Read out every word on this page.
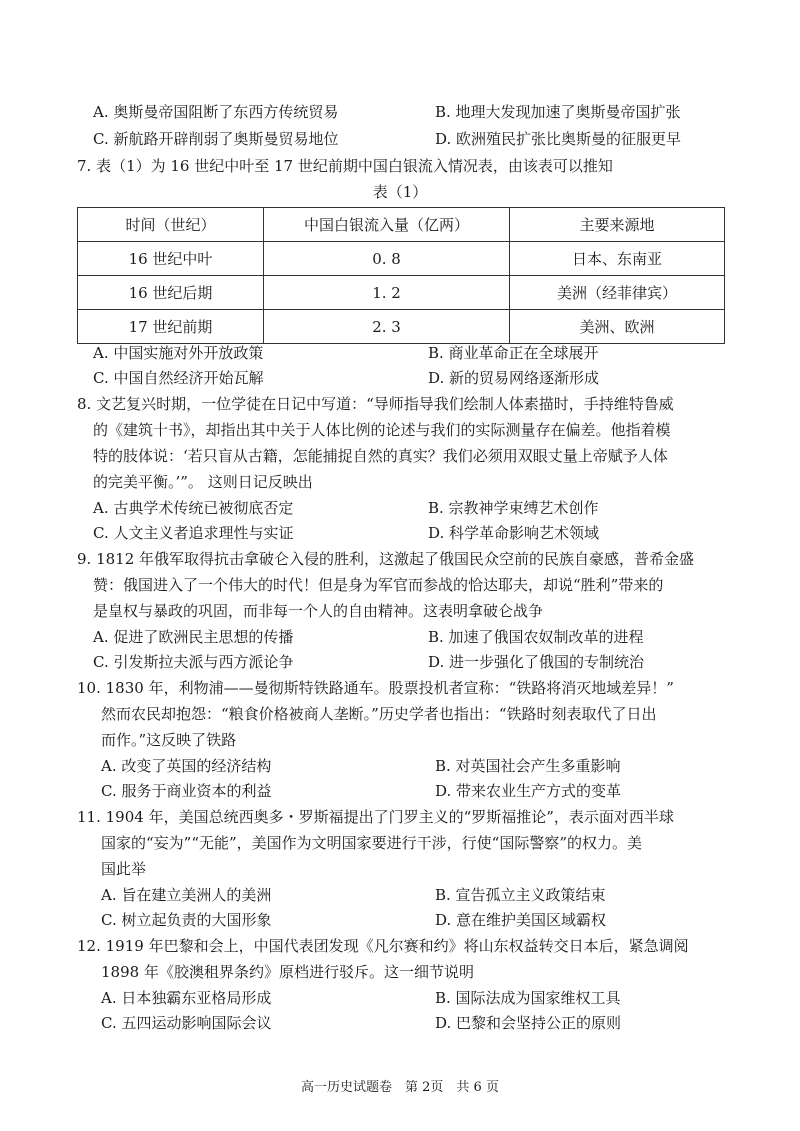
A. 奥斯曼帝国阻断了东西方传统贸易	B. 地理大发现加速了奥斯曼帝国扩张
C. 新航路开辟削弱了奥斯曼贸易地位	D. 欧洲殖民扩张比奥斯曼的征服更早
7. 表（1）为 16 世纪中叶至 17 世纪前期中国白银流入情况表，由该表可以推知
表（1）
时间（世纪）	中国白银流入量（亿两）	主要来源地
16 世纪中叶	0. 8	日本、东南亚
16 世纪后期	1. 2	美洲（经菲律宾）
17 世纪前期	2. 3	美洲、欧洲
A. 中国实施对外开放政策	B. 商业革命正在全球展开
C. 中国自然经济开始瓦解	D. 新的贸易网络逐渐形成
8. 文艺复兴时期，一位学徒在日记中写道：“导师指导我们绘制人体素描时，手持维特鲁威
的《建筑十书》，却指出其中关于人体比例的论述与我们的实际测量存在偏差。他指着模
特的肢体说：‘若只盲从古籍，怎能捕捉自然的真实？我们必须用双眼丈量上帝赋予人体
的完美平衡。’”。 这则日记反映出
A. 古典学术传统已被彻底否定	B. 宗教神学束缚艺术创作
C. 人文主义者追求理性与实证	D. 科学革命影响艺术领域
9. 1812 年俄军取得抗击拿破仑入侵的胜利，这激起了俄国民众空前的民族自豪感，普希金盛
赞：俄国进入了一个伟大的时代！但是身为军官而参战的恰达耶夫，却说“胜利”带来的
是皇权与暴政的巩固，而非每一个人的自由精神。这表明拿破仑战争
A. 促进了欧洲民主思想的传播	B. 加速了俄国农奴制改革的进程
C. 引发斯拉夫派与西方派论争	D. 进一步强化了俄国的专制统治
10. 1830 年，利物浦——曼彻斯特铁路通车。股票投机者宣称：“铁路将消灭地域差异！”
然而农民却抱怨：“粮食价格被商人垄断。”历史学者也指出：“铁路时刻表取代了日出
而作。”这反映了铁路
A. 改变了英国的经济结构	B. 对英国社会产生多重影响
C. 服务于商业资本的利益	D. 带来农业生产方式的变革
11. 1904 年，美国总统西奥多・罗斯福提出了门罗主义的“罗斯福推论”，表示面对西半球
国家的“妄为”“无能”，美国作为文明国家要进行干涉，行使“国际警察”的权力。美
国此举
A. 旨在建立美洲人的美洲	B. 宣告孤立主义政策结束
C. 树立起负责的大国形象	D. 意在维护美国区域霸权
12. 1919 年巴黎和会上，中国代表团发现《凡尔赛和约》将山东权益转交日本后，紧急调阅
1898 年《胶澳租界条约》原档进行驳斥。这一细节说明
A. 日本独霸东亚格局形成	B. 国际法成为国家维权工具
C. 五四运动影响国际会议	D. 巴黎和会坚持公正的原则
高一历史试题卷　第 2页　共 6 页
